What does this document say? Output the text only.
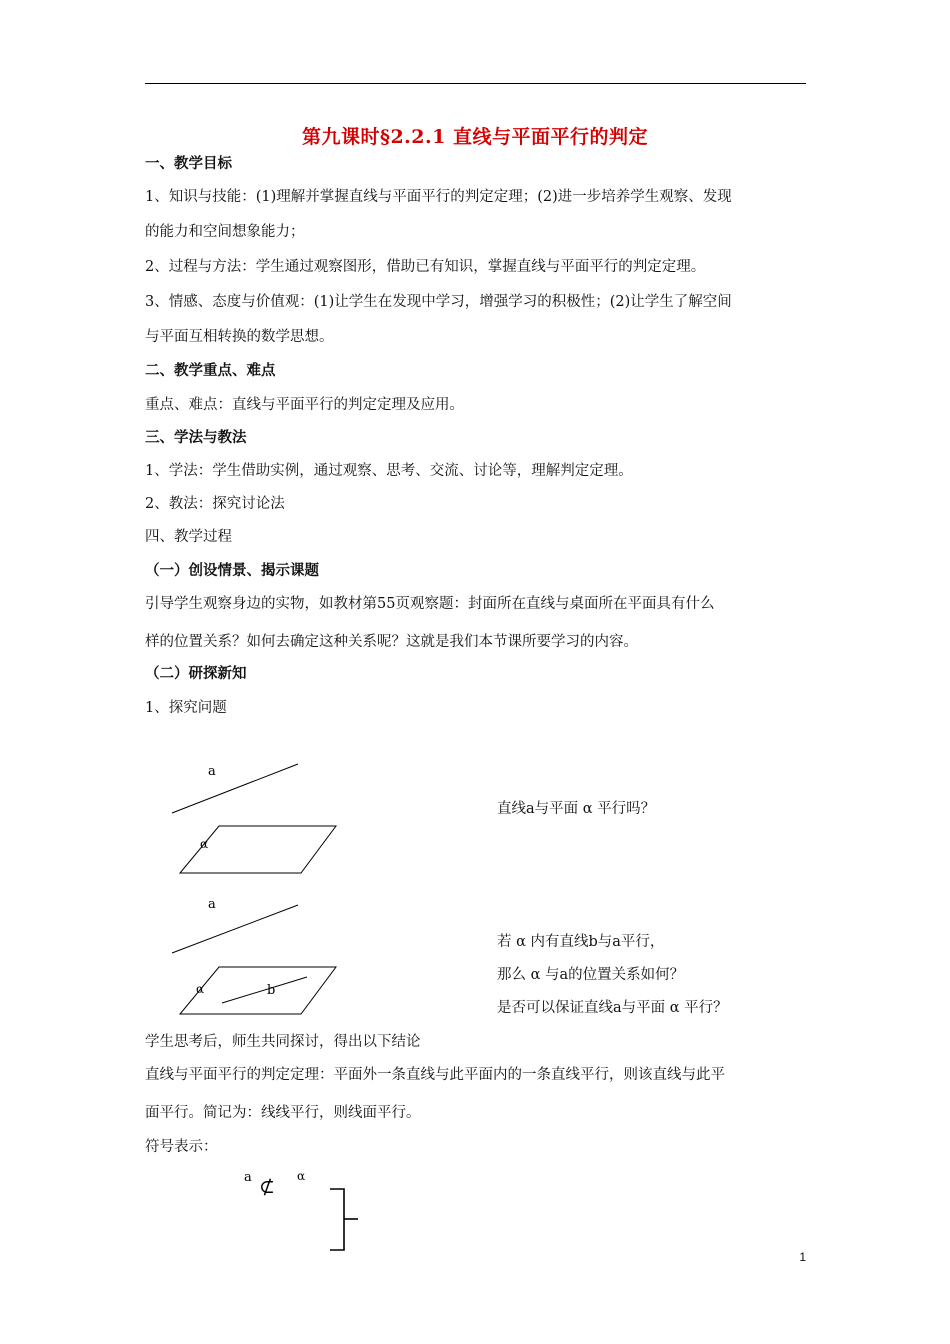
第九课时§2.2.1 直线与平面平行的判定
一、教学目标
1、知识与技能：(1)理解并掌握直线与平面平行的判定定理；(2)进一步培养学生观察、发现
的能力和空间想象能力；
2、过程与方法：学生通过观察图形，借助已有知识，掌握直线与平面平行的判定定理。
3、情感、态度与价值观：(1)让学生在发现中学习，增强学习的积极性；(2)让学生了解空间
与平面互相转换的数学思想。
二、教学重点、难点
重点、难点：直线与平面平行的判定定理及应用。
三、学法与教法
1、学法：学生借助实例，通过观察、思考、交流、讨论等，理解判定定理。
2、教法：探究讨论法
四、教学过程
（一）创设情景、揭示课题
引导学生观察身边的实物，如教材第55页观察题：封面所在直线与桌面所在平面具有什么
样的位置关系？如何去确定这种关系呢？这就是我们本节课所要学习的内容。
（二）研探新知
1、探究问题
a
α
直线a与平面 α 平行吗？
a
α	b
若 α 内有直线b与a平行，
那么 α 与a的位置关系如何？
是否可以保证直线a与平面 α 平行？
学生思考后，师生共同探讨，得出以下结论
直线与平面平行的判定定理：平面外一条直线与此平面内的一条直线平行，则该直线与此平
面平行。简记为：线线平行，则线面平行。
符号表示：
a ⊄ α
1
